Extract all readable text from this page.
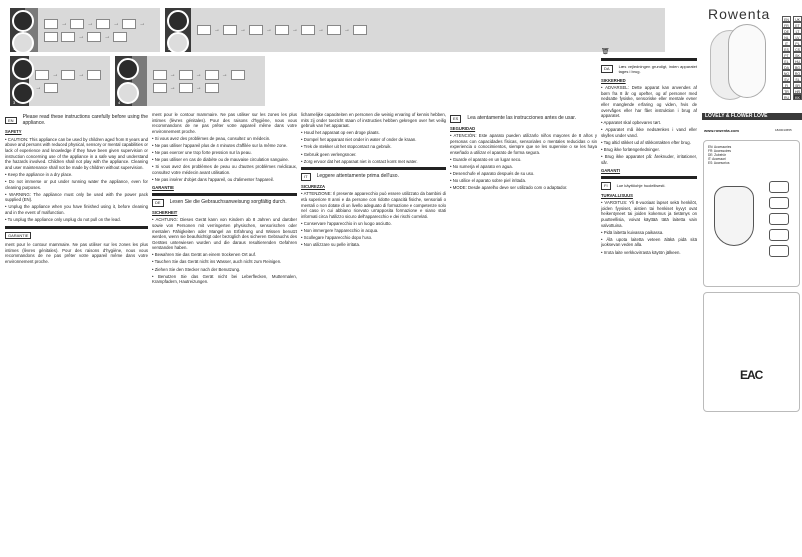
→	→	→	→
→	→
1
→	→	→	→	→	→
2
→	→
→
3
→	→	→
→	→
4
EN
Please read these instructions carefully before using the appliance.
SAFETY

• CAUTION: This appliance can be used by children aged from 8 years and above and persons with reduced physical, sensory or mental capabilities or lack of experience and knowledge if they have been given supervision or instruction concerning use of the appliance in a safe way and understand the hazards involved. Children shall not play with the appliance. Cleaning and user maintenance shall not be made by children without supervision.

• Keep the appliance in a dry place.

• Do not immerse or put under running water the appliance, even for cleaning purposes.

• WARNING: The appliance must only be used with the power pack supplied (EN).

• Unplug the appliance when you have finished using it, before cleaning and in the event of malfunction.

• To unplug the appliance only unplug do not pull on the lead.

GARANTIE

ment pour le contour mammaire. Ne pas utiliser sur les zones les plus intimes (lèvres génitales). Pour des raisons d'hygiène, nous vous recommandons de ne pas prêter votre appareil même dans votre environnement proche.

ment pour le contour mammaire. Ne pas utiliser sur les zones les plus intimes (lèvres génitales). Pour des raisons d'hygiène, nous vous recommandons de ne pas prêter votre appareil même dans votre environnement proche.

• Si vous avez des problèmes de peau, consultez un médecin.

• Ne pas utiliser l'appareil plus de 4 minutes d'affilée sur la même zone.

• Ne pas exercer une trop forte pression sur la peau.

• Ne pas utiliser en cas de diabète ou de mauvaise circulation sanguine.

• Si vous avez des problèmes de peau ou d'autres problèmes médicaux, consultez votre médecin avant utilisation.

• Ne pas insérer d'objet dans l'appareil, ou d'alimenter l'appareil.

GARANTIE
DE	Lesen Sie die Gebrauchsanweisung sorgfältig durch.
SICHERHEIT

• ACHTUNG: Dieses Gerät kann von Kindern ab 8 Jahren und darüber sowie von Personen mit verringerten physischen, sensorischen oder mentalen Fähigkeiten oder Mangel an Erfahrung und Wissen benutzt werden, wenn sie beaufsichtigt oder bezüglich des sicheren Gebrauchs des Gerätes unterwiesen wurden und die daraus resultierenden Gefahren verstanden haben.

• Bewahren Sie das Gerät an einem trockenen Ort auf.

• Tauchen Sie das Gerät nicht ins Wasser, auch nicht zum Reinigen.

• Ziehen Sie den Stecker nach der Benutzung.

• Benutzen Sie das Gerät nicht bei Leberflecken, Muttermalen, Krampfadern, Hautreizungen.

lichamelijke capaciteiten en personen die weinig ervaring of kennis hebben, mits zij onder toezicht staan of instructies hebben gekregen over het veilig gebruik van het apparaat.

• Houd het apparaat op een droge plaats.

• Dompel het apparaat niet onder in water of onder de kraan.

• Trek de stekker uit het stopcontact na gebruik.

• Gebruik geen verlengsnoer.

• Zorg ervoor dat het apparaat niet in contact komt met water.

IT	Leggere attentamente prima dell'uso.
SICUREZZA

• ATTENZIONE: Il presente apparecchio può essere utilizzato da bambini di età superiore 8 anni e da persone con ridotte capacità fisiche, sensoriali o mentali o non dotate di un livello adeguato di formazione e competenze solo nel caso in cui abbiano ricevuto un'apposita formazione e siano stati informati circa l'utilizzo sicuro dell'apparecchio e dei rischi correlati.

• Conservare l'apparecchio in un luogo asciutto.

• Non immergere l'apparecchio in acqua.

• Scollegare l'apparecchio dopo l'uso.

• Non utilizzare su pelle irritata.

ES	Lea atentamente las instrucciones antes de usar.
SEGURIDAD

• ATENCIÓN: Este aparato pueden utilizarlo niños mayores de 8 años y personas con capacidades físicas, sensoriales o mentales reducidas o sin experiencia o conocimientos, siempre que se les supervise o se les haya enseñado a utilizar el aparato de forma segura.

• Guarde el aparato en un lugar seco.

• No sumerja el aparato en agua.

• Desenchufe el aparato después de su uso.

• No utilice el aparato sobre piel irritada.

• MODE: Desde aparelho deve ser utilizado com o adaptador.

🗑
DA
Læs vejledningen grundigt, inden apparatet tages i brug.
SIKKERHED

• ADVARSEL: Dette apparat kan anvendes af børn fra 8 år og opefter, og af personer med nedsatte fysiske, sensoriske eller mentale evner eller manglende erfaring og viden, hvis de overvåges eller har fået instruktion i brug af apparatet.

• Apparatet skal opbevares tørt.

• Apparatet må ikke nedsænkes i vand eller skylles under vand.

• Tag altid stikket ud af stikkontakten efter brug.

• Brug ikke forlængerledninger.

• Brug ikke apparatet på: åreknuder, irritationer, sår.

GARANTI
FI	Lue käyttöohje huolellisesti.
TURVALLISUUS

• VAROITUS: Yli 8-vuotiaat lapset sekä henkilöt, joiden fyysiset, aistien tai henkiset kyvyt ovat heikentyneet tai joiden kokemus ja tietämys on puutteellisia, voivat käyttää tätä laitetta vain valvottuina.

• Pidä laitetta kuivassa paikassa.

• Älä upota laitetta veteen äläkä pidä sitä juoksevan veden alla.

• Irrota laite verkkovirrasta käytön jälkeen.

Rowenta
LOVELY & FLOWER LOVE
EN	UK
FR	ET
DE	LT
NL	LV
IT	PL
ES	CS
PT	SK
EL	HU
DA	BG
NO	RO
SV	SL
FI	SR
TR	HR
RU	KK
www.rowenta.com	1820013655
EN: Accessories
FR: Accessoires
DE: Zubehör
IT: Accessori
ES: Accesorios
EAC
